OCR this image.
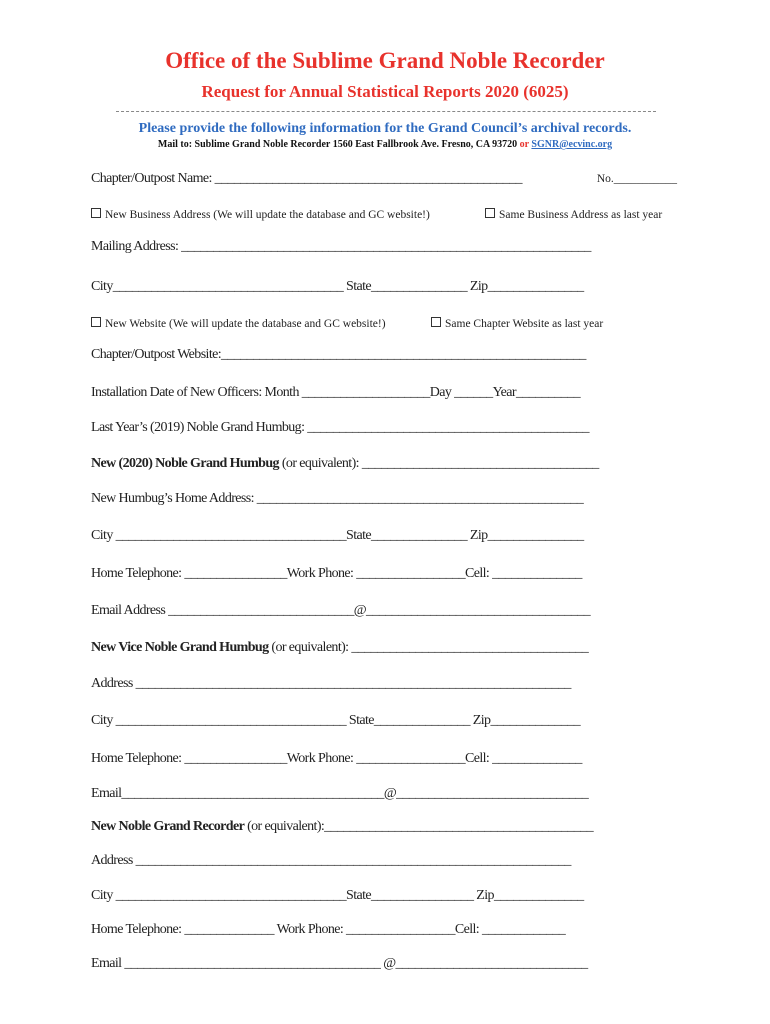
Office of the Sublime Grand Noble Recorder
Request for Annual Statistical Reports 2020 (6025)
Please provide the following information for the Grand Council’s archival records.
Mail to: Sublime Grand Noble Recorder 1560 East Fallbrook Ave. Fresno, CA 93720 or SGNR@ecvinc.org
Chapter/Outpost Name: ________________________________________________	No.___________
New Business Address (We will update the database and GC website!)	Same Business Address as last year
Mailing Address: ________________________________________________________________
City____________________________________ State_______________ Zip_______________
New Website (We will update the database and GC website!)	Same Chapter Website as last year
Chapter/Outpost Website:_________________________________________________________
Installation Date of New Officers: Month ____________________Day ______Year__________
Last Year’s (2019) Noble Grand Humbug: ____________________________________________
New (2020) Noble Grand Humbug (or equivalent): _____________________________________
New Humbug’s Home Address: ___________________________________________________
City ____________________________________State_______________ Zip_______________
Home Telephone: ________________Work Phone: _________________Cell: ______________
Email Address _____________________________@___________________________________
New Vice Noble Grand Humbug (or equivalent): _____________________________________
Address ____________________________________________________________________
City ____________________________________ State_______________ Zip______________
Home Telephone: ________________Work Phone: _________________Cell: ______________
Email_________________________________________@______________________________
New Noble Grand Recorder (or equivalent):__________________________________________
Address ____________________________________________________________________
City ____________________________________State________________ Zip______________
Home Telephone: ______________ Work Phone: _________________Cell: _____________
Email ________________________________________ @______________________________
